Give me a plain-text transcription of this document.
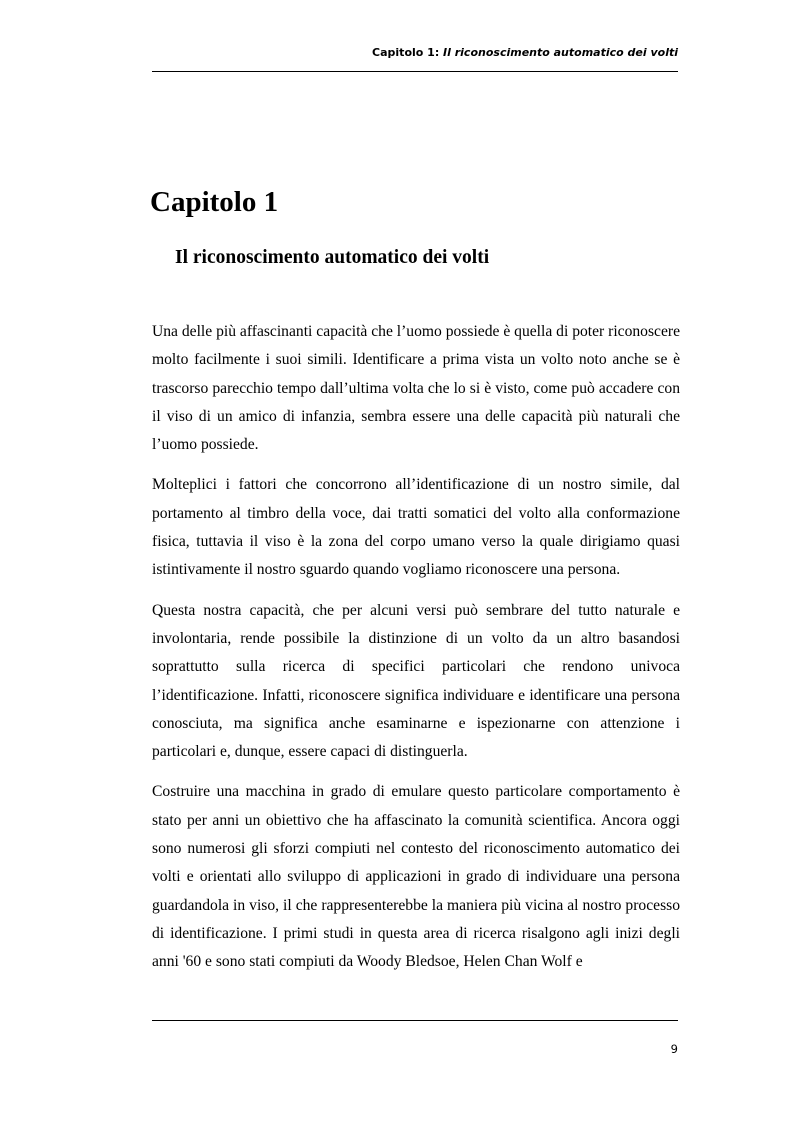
Capitolo 1: Il riconoscimento automatico dei volti
Capitolo 1
Il riconoscimento automatico dei volti

Una delle più affascinanti capacità che l’uomo possiede è quella di poter riconoscere molto facilmente i suoi simili. Identificare a prima vista un volto noto anche se è trascorso parecchio tempo dall’ultima volta che lo si è visto, come può accadere con il viso di un amico di infanzia, sembra essere una delle capacità più naturali che l’uomo possiede.

Molteplici i fattori che concorrono all’identificazione di un nostro simile, dal portamento al timbro della voce, dai tratti somatici del volto alla conformazione fisica, tuttavia il viso è la zona del corpo umano verso la quale dirigiamo quasi istintivamente il nostro sguardo quando vogliamo riconoscere una persona.

Questa nostra capacità, che per alcuni versi può sembrare del tutto naturale e involontaria, rende possibile la distinzione di un volto da un altro basandosi soprattutto sulla ricerca di specifici particolari che rendono univoca l’identificazione. Infatti, riconoscere significa individuare e identificare una persona conosciuta, ma significa anche esaminarne e ispezionarne con attenzione i particolari e, dunque, essere capaci di distinguerla.

Costruire una macchina in grado di emulare questo particolare comportamento è stato per anni un obiettivo che ha affascinato la comunità scientifica. Ancora oggi sono numerosi gli sforzi compiuti nel contesto del riconoscimento automatico dei volti e orientati allo sviluppo di applicazioni in grado di individuare una persona guardandola in viso, il che rappresenterebbe la maniera più vicina al nostro processo di identificazione. I primi studi in questa area di ricerca risalgono agli inizi degli anni '60 e sono stati compiuti da Woody Bledsoe, Helen Chan Wolf e

9
